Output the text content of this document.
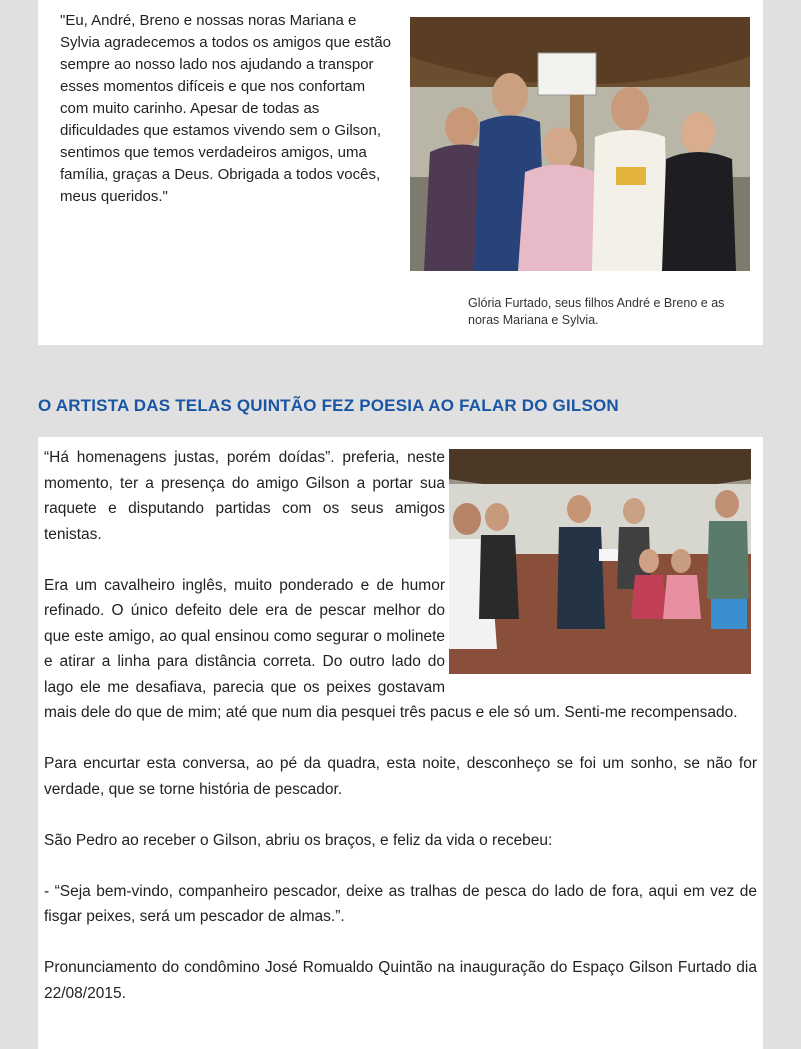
"Eu, André, Breno e nossas noras Mariana e Sylvia agradecemos a todos os amigos que estão sempre ao nosso lado nos ajudando a transpor esses momentos difíceis e que nos confortam com muito carinho. Apesar de todas as dificuldades que estamos vivendo sem o Gilson, sentimos que temos verdadeiros amigos, uma família, graças a Deus. Obrigada a todos vocês, meus queridos."
Glória Furtado, seus filhos André e Breno e as noras Mariana e Sylvia.
O ARTISTA DAS TELAS QUINTÃO FEZ POESIA AO FALAR DO GILSON

“Há homenagens justas, porém doídas”. preferia, neste momento, ter a presença do amigo Gilson a portar sua raquete e disputando partidas com os seus amigos tenistas.

Era um cavalheiro inglês, muito ponderado e de humor refinado. O único defeito dele era de pescar melhor do que este amigo, ao qual ensinou como segurar o molinete e atirar a linha para distância correta. Do outro lado do lago ele me desafiava, parecia que os peixes gostavam mais dele do que de mim; até que num dia pesquei três pacus e ele só um. Senti-me recompensado.

Para encurtar esta conversa, ao pé da quadra, esta noite, desconheço se foi um sonho, se não for verdade, que se torne história de pescador.

São Pedro ao receber o Gilson, abriu os braços, e feliz da vida o recebeu:

- “Seja bem-vindo, companheiro pescador, deixe as tralhas de pesca do lado de fora, aqui em vez de fisgar peixes, será um pescador de almas.”.

Pronunciamento do condômino José Romualdo Quintão na inauguração do Espaço Gilson Furtado dia 22/08/2015.
